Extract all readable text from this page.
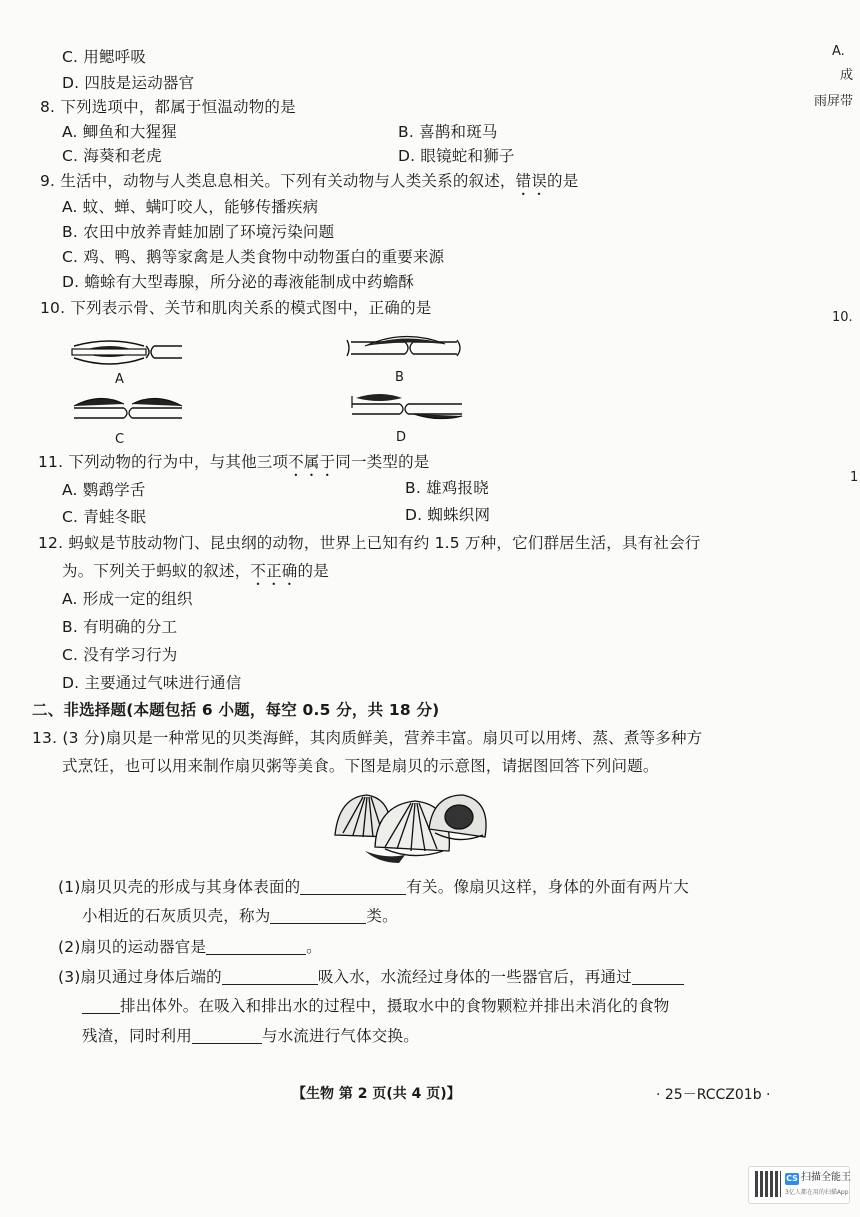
C. 用鳃呼吸
D. 四肢是运动器官
8. 下列选项中，都属于恒温动物的是
A. 鲫鱼和大猩猩	B. 喜鹊和斑马
C. 海葵和老虎	D. 眼镜蛇和狮子
9. 生活中，动物与人类息息相关。下列有关动物与人类关系的叙述，错误的是
A. 蚊、蝉、螨叮咬人，能够传播疾病
B. 农田中放养青蛙加剧了环境污染问题
C. 鸡、鸭、鹅等家禽是人类食物中动物蛋白的重要来源
D. 蟾蜍有大型毒腺，所分泌的毒液能制成中药蟾酥
10. 下列表示骨、关节和肌肉关系的模式图中，正确的是
A	B
C	D
11. 下列动物的行为中，与其他三项不属于同一类型的是
A. 鹦鹉学舌	B. 雄鸡报晓
C. 青蛙冬眠	D. 蜘蛛织网
12. 蚂蚁是节肢动物门、昆虫纲的动物，世界上已知有约 1.5 万种，它们群居生活，具有社会行
为。下列关于蚂蚁的叙述，不正确的是
A. 形成一定的组织
B. 有明确的分工
C. 没有学习行为
D. 主要通过气味进行通信
二、非选择题(本题包括 6 小题，每空 0.5 分，共 18 分)
13. (3 分)扇贝是一种常见的贝类海鲜，其肉质鲜美，营养丰富。扇贝可以用烤、蒸、煮等多种方
式烹饪，也可以用来制作扇贝粥等美食。下图是扇贝的示意图，请据图回答下列问题。
(1)扇贝贝壳的形成与其身体表面的	有关。像扇贝这样，身体的外面有两片大
小相近的石灰质贝壳，称为	类。
(2)扇贝的运动器官是	。
(3)扇贝通过身体后端的	吸入水，水流经过身体的一些器官后，再通过
排出体外。在吸入和排出水的过程中，摄取水中的食物颗粒并排出未消化的食物
残渣，同时利用	与水流进行气体交换。
【生物 第 2 页(共 4 页)】	· 25－RCCZ01b ·
A.
成
雨屏带
10.
1
CS 扫描全能王
3亿人都在用的扫描App
